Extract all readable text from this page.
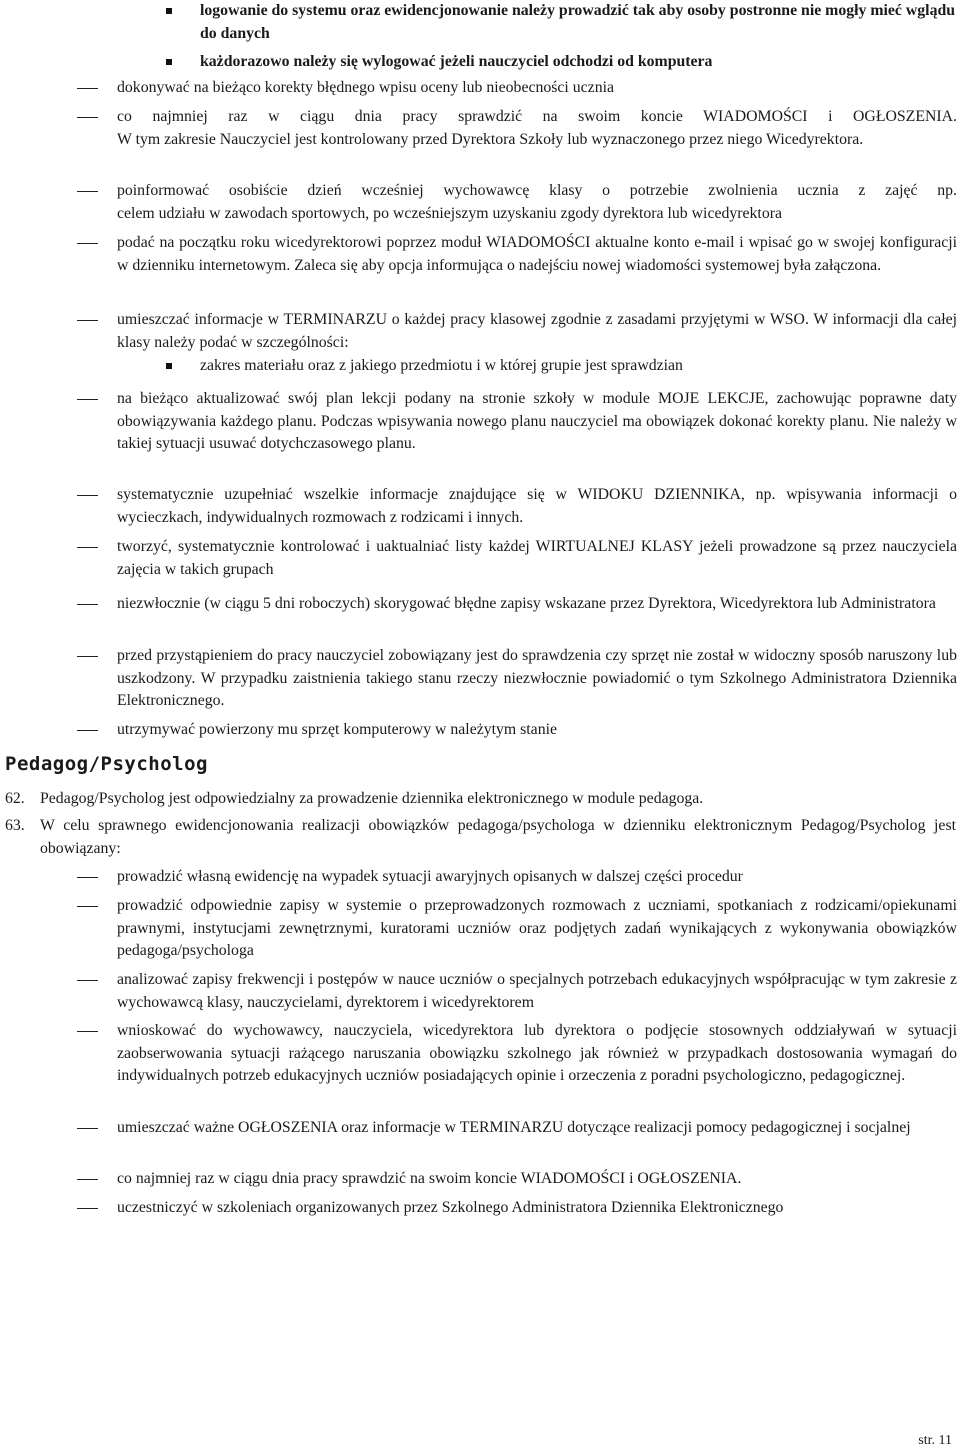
logowanie do systemu oraz ewidencjonowanie należy prowadzić tak aby osoby postronne nie mogły mieć wglądu do danych

każdorazowo należy się wylogować jeżeli nauczyciel odchodzi od komputera

dokonywać na bieżąco korekty błędnego wpisu oceny lub nieobecności ucznia

co najmniej raz w ciągu dnia pracy sprawdzić na swoim koncie WIADOMOŚCI i OGŁOSZENIA.

W tym zakresie Nauczyciel jest kontrolowany przed Dyrektora Szkoły lub wyznaczonego przez niego Wicedyrektora.

poinformować osobiście dzień wcześniej wychowawcę klasy o potrzebie zwolnienia ucznia z zajęć np.

celem udziału w zawodach sportowych, po wcześniejszym uzyskaniu zgody dyrektora lub wicedyrektora

podać na początku roku wicedyrektorowi poprzez moduł WIADOMOŚCI aktualne konto e-mail i wpisać go w swojej konfiguracji w dzienniku internetowym. Zaleca się aby opcja informująca o nadejściu nowej wiadomości systemowej była załączona.

umieszczać informacje w TERMINARZU o każdej pracy klasowej zgodnie z zasadami przyjętymi w WSO. W informacji dla całej klasy należy podać w szczególności:

zakres materiału oraz z jakiego przedmiotu i w której grupie jest sprawdzian

na bieżąco aktualizować swój plan lekcji podany na stronie szkoły w module MOJE LEKCJE, zachowując poprawne daty obowiązywania każdego planu. Podczas wpisywania nowego planu nauczyciel ma obowiązek dokonać korekty planu. Nie należy w takiej sytuacji usuwać dotychczasowego planu.

systematycznie uzupełniać wszelkie informacje znajdujące się w WIDOKU DZIENNIKA, np. wpisywania informacji o wycieczkach, indywidualnych rozmowach z rodzicami i innych.

tworzyć, systematycznie kontrolować i uaktualniać listy każdej WIRTUALNEJ KLASY jeżeli prowadzone są przez nauczyciela zajęcia w takich grupach

niezwłocznie (w ciągu 5 dni roboczych) skorygować błędne zapisy wskazane przez Dyrektora, Wicedyrektora lub Administratora

przed przystąpieniem do pracy nauczyciel zobowiązany jest do sprawdzenia czy sprzęt nie został w widoczny sposób naruszony lub uszkodzony. W przypadku zaistnienia takiego stanu rzeczy niezwłocznie powiadomić o tym Szkolnego Administratora Dziennika Elektronicznego.

utrzymywać powierzony mu sprzęt komputerowy w należytym stanie

Pedagog/Psycholog
62. Pedagog/Psycholog jest odpowiedzialny za prowadzenie dziennika elektronicznego w module pedagoga.

63. W celu sprawnego ewidencjonowania realizacji obowiązków pedagoga/psychologa w dzienniku elektronicznym Pedagog/Psycholog jest obowiązany:

prowadzić własną ewidencję na wypadek sytuacji awaryjnych opisanych w dalszej części procedur

prowadzić odpowiednie zapisy w systemie o przeprowadzonych rozmowach z uczniami, spotkaniach z rodzicami/opiekunami prawnymi, instytucjami zewnętrznymi, kuratorami uczniów oraz podjętych zadań wynikających z wykonywania obowiązków pedagoga/psychologa

analizować zapisy frekwencji i postępów w nauce uczniów o specjalnych potrzebach edukacyjnych współpracując w tym zakresie z wychowawcą klasy, nauczycielami, dyrektorem i wicedyrektorem

wnioskować do wychowawcy, nauczyciela, wicedyrektora lub dyrektora o podjęcie stosownych oddziaływań w sytuacji zaobserwowania sytuacji rażącego naruszania obowiązku szkolnego jak również w przypadkach dostosowania wymagań do indywidualnych potrzeb edukacyjnych uczniów posiadających opinie i orzeczenia z poradni psychologiczno, pedagogicznej.

umieszczać ważne OGŁOSZENIA oraz informacje w TERMINARZU dotyczące realizacji pomocy pedagogicznej i socjalnej

co najmniej raz w ciągu dnia pracy sprawdzić na swoim koncie WIADOMOŚCI i OGŁOSZENIA.

uczestniczyć w szkoleniach organizowanych przez Szkolnego Administratora Dziennika Elektronicznego

str. 11
